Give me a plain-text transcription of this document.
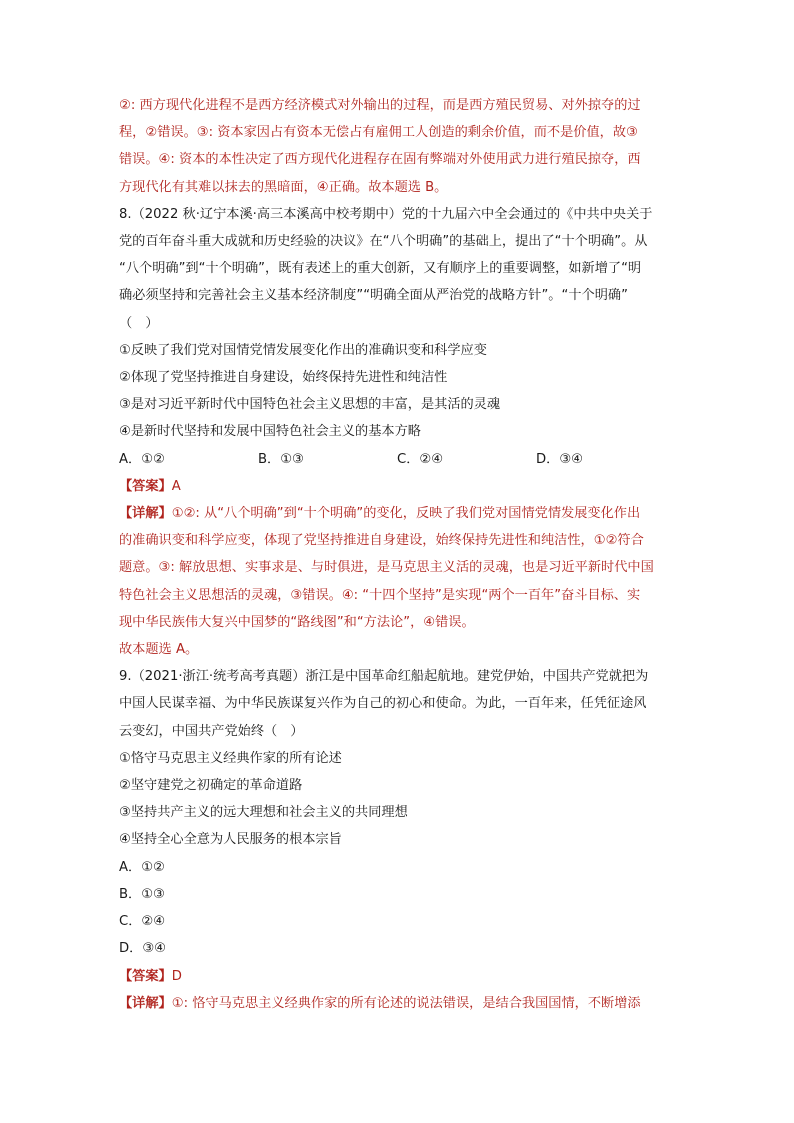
②: 西方现代化进程不是西方经济模式对外输出的过程，而是西方殖民贸易、对外掠夺的过
程，②错误。③: 资本家因占有资本无偿占有雇佣工人创造的剩余价值，而不是价值，故③
错误。④: 资本的本性决定了西方现代化进程存在固有弊端对外使用武力进行殖民掠夺，西
方现代化有其难以抹去的黑暗面，④正确。故本题选 B。
8.（2022 秋·辽宁本溪·高三本溪高中校考期中）党的十九届六中全会通过的《中共中央关于
党的百年奋斗重大成就和历史经验的决议》在“八个明确”的基础上，提出了“十个明确”。从
“八个明确”到“十个明确”，既有表述上的重大创新，又有顺序上的重要调整，如新增了“明
确必须坚持和完善社会主义基本经济制度”“明确全面从严治党的战略方针”。“十个明确”
（　）
①反映了我们党对国情党情发展变化作出的准确识变和科学应变
②体现了党坚持推进自身建设，始终保持先进性和纯洁性
③是对习近平新时代中国特色社会主义思想的丰富，是其活的灵魂
④是新时代坚持和发展中国特色社会主义的基本方略
A．①②	B．①③	C．②④	D．③④
【答案】A
【详解】①②: 从“八个明确”到“十个明确”的变化，反映了我们党对国情党情发展变化作出
的准确识变和科学应变，体现了党坚持推进自身建设，始终保持先进性和纯洁性，①②符合
题意。③: 解放思想、实事求是、与时俱进，是马克思主义活的灵魂，也是习近平新时代中国
特色社会主义思想活的灵魂，③错误。④: “十四个坚持”是实现“两个一百年”奋斗目标、实
现中华民族伟大复兴中国梦的“路线图”和“方法论”，④错误。
故本题选 A。
9.（2021·浙江·统考高考真题）浙江是中国革命红船起航地。建党伊始，中国共产党就把为
中国人民谋幸福、为中华民族谋复兴作为自己的初心和使命。为此，一百年来，任凭征途风
云变幻，中国共产党始终（　）
①恪守马克思主义经典作家的所有论述
②坚守建党之初确定的革命道路
③坚持共产主义的远大理想和社会主义的共同理想
④坚持全心全意为人民服务的根本宗旨
A．①②
B．①③
C．②④
D．③④
【答案】D
【详解】①: 恪守马克思主义经典作家的所有论述的说法错误，是结合我国国情，不断增添
